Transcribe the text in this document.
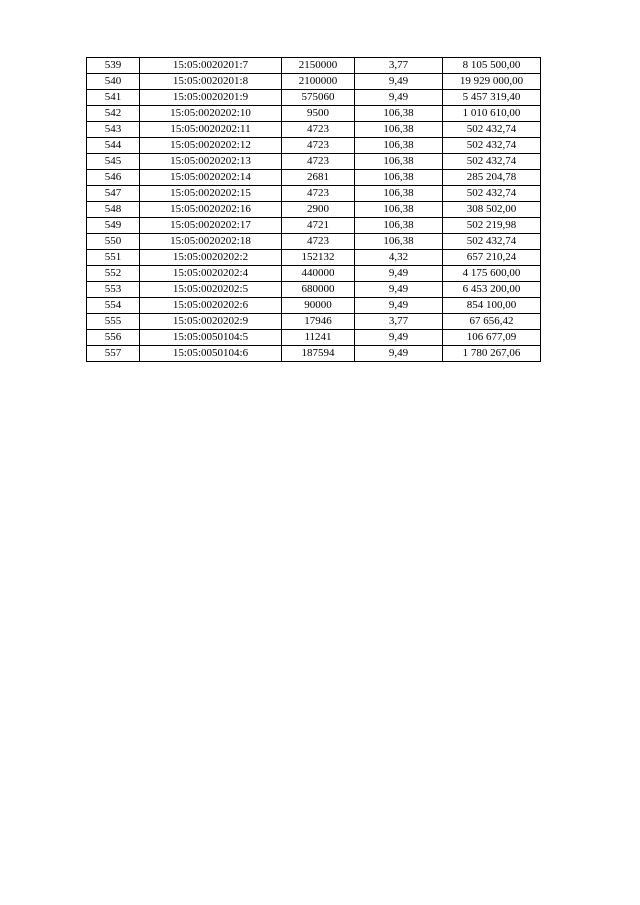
539	15:05:0020201:7	2150000	3,77	8 105 500,00
540	15:05:0020201:8	2100000	9,49	19 929 000,00
541	15:05:0020201:9	575060	9,49	5 457 319,40
542	15:05:0020202:10	9500	106,38	1 010 610,00
543	15:05:0020202:11	4723	106,38	502 432,74
544	15:05:0020202:12	4723	106,38	502 432,74
545	15:05:0020202:13	4723	106,38	502 432,74
546	15:05:0020202:14	2681	106,38	285 204,78
547	15:05:0020202:15	4723	106,38	502 432,74
548	15:05:0020202:16	2900	106,38	308 502,00
549	15:05:0020202:17	4721	106,38	502 219,98
550	15:05:0020202:18	4723	106,38	502 432,74
551	15:05:0020202:2	152132	4,32	657 210,24
552	15:05:0020202:4	440000	9,49	4 175 600,00
553	15:05:0020202:5	680000	9,49	6 453 200,00
554	15:05:0020202:6	90000	9,49	854 100,00
555	15:05:0020202:9	17946	3,77	67 656,42
556	15:05:0050104:5	11241	9,49	106 677,09
557	15:05:0050104:6	187594	9,49	1 780 267,06
